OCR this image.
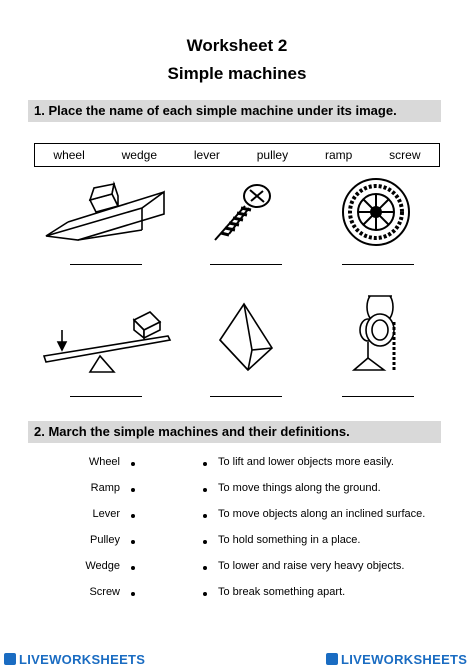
Worksheet 2
Simple machines
1. Place the name of each simple machine under its image.
wheel	wedge	lever	pulley	ramp	screw
2. March the simple machines and their definitions.
Wheel	To lift and lower objects more easily.
Ramp	To move things along the ground.
Lever	To move objects along an inclined surface.
Pulley	To hold something in a place.
Wedge	To lower and raise very heavy objects.
Screw	To break something apart.
LIVEWORKSHEETS	LIVEWORKSHEETS
